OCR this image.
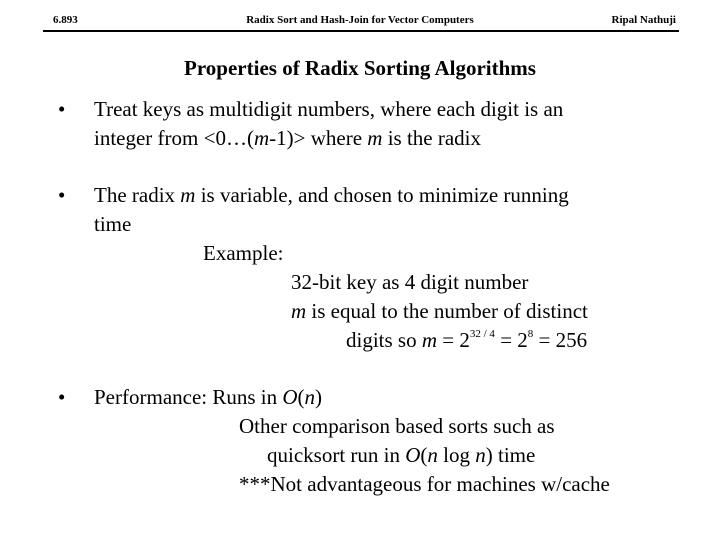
6.893	Radix Sort and Hash-Join for Vector Computers	Ripal Nathuji
Properties of Radix Sorting Algorithms
• Treat keys as multidigit numbers, where each digit is an
integer from <0…(m-1)> where m is the radix
• The radix m is variable, and chosen to minimize running
time
Example:
32-bit key as 4 digit number
m is equal to the number of distinct
digits so $m = 2^{32 / 4} = 2^8 = 256$
• Performance: Runs in O(n)
Other comparison based sorts such as
quicksort run in O(n log n) time
***Not advantageous for machines w/cache
